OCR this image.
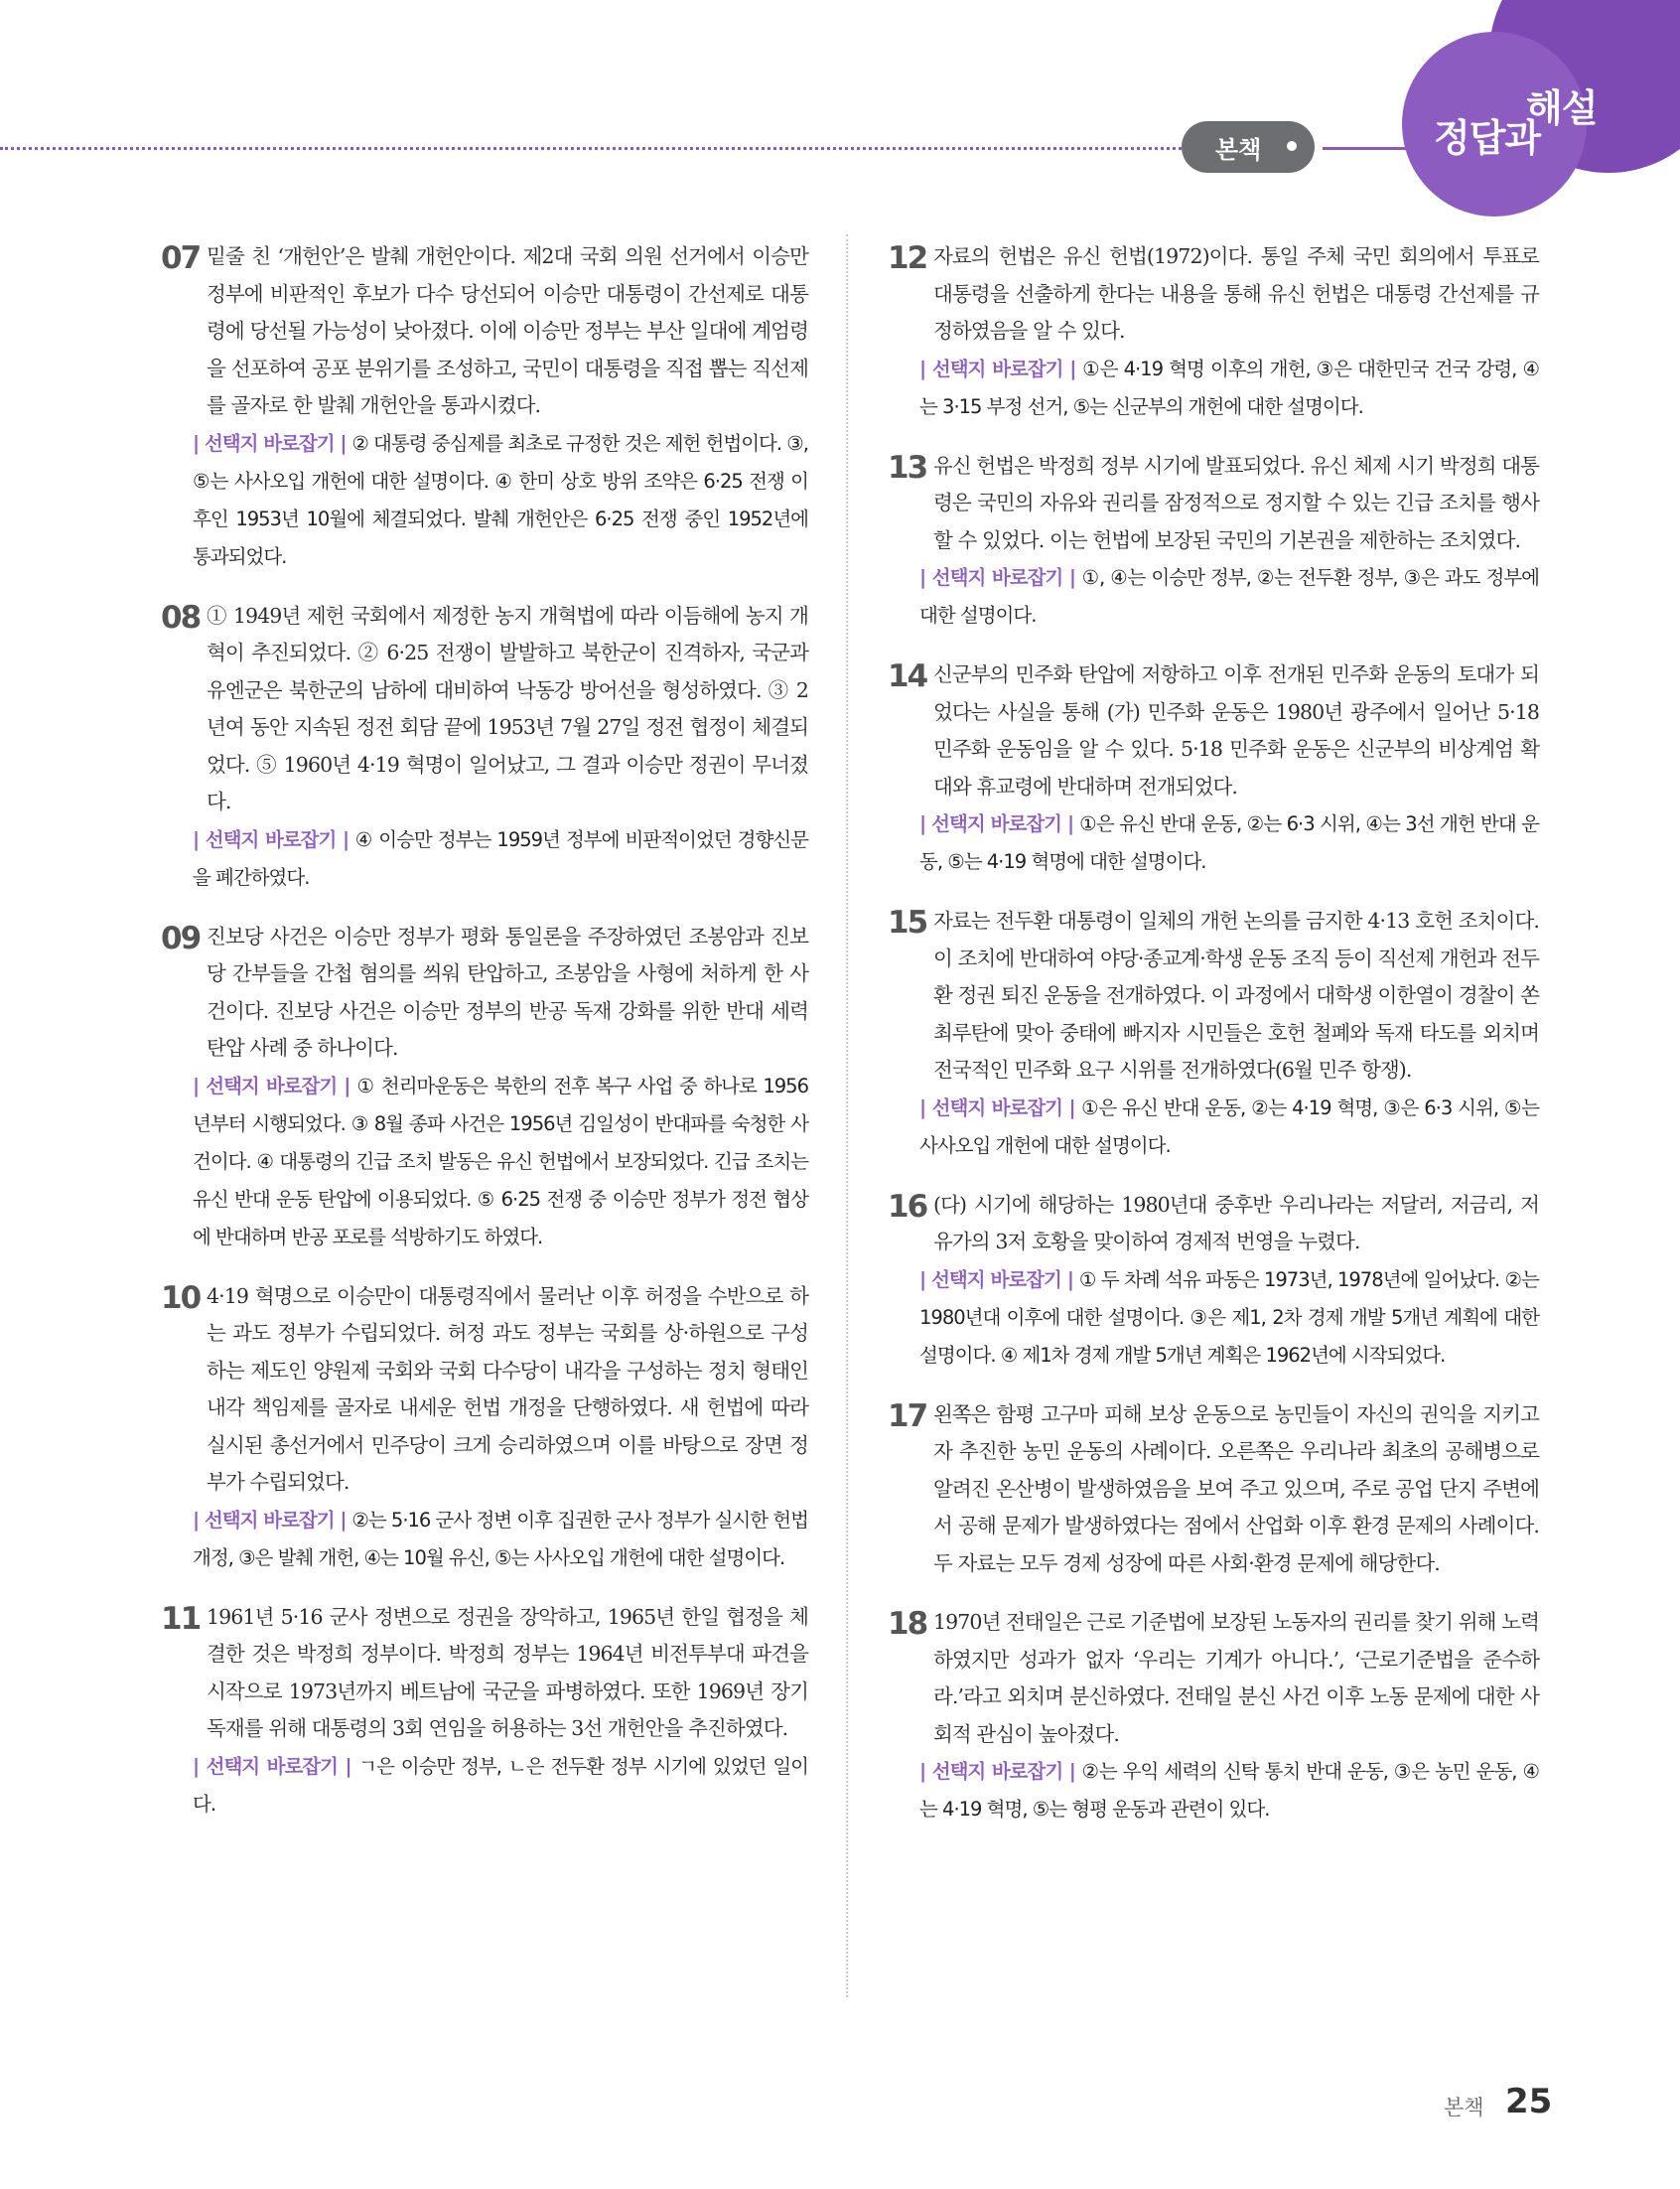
본책	정답과
해설
07 밑줄 친 ‘개헌안’은 발췌 개헌안이다. 제2대 국회 의원 선거에서 이승만 정부에 비판적인 후보가 다수 당선되어 이승만 대통령이 간선제로 대통령에 당선될 가능성이 낮아졌다. 이에 이승만 정부는 부산 일대에 계엄령을 선포하여 공포 분위기를 조성하고, 국민이 대통령을 직접 뽑는 직선제를 골자로 한 발췌 개헌안을 통과시켰다.
| 선택지 바로잡기 | ② 대통령 중심제를 최초로 규정한 것은 제헌 헌법이다. ③, ⑤는 사사오입 개헌에 대한 설명이다. ④ 한미 상호 방위 조약은 6·25 전쟁 이후인 1953년 10월에 체결되었다. 발췌 개헌안은 6·25 전쟁 중인 1952년에 통과되었다.
08 ① 1949년 제헌 국회에서 제정한 농지 개혁법에 따라 이듬해에 농지 개혁이 추진되었다. ② 6·25 전쟁이 발발하고 북한군이 진격하자, 국군과 유엔군은 북한군의 남하에 대비하여 낙동강 방어선을 형성하였다. ③ 2년여 동안 지속된 정전 회담 끝에 1953년 7월 27일 정전 협정이 체결되었다. ⑤ 1960년 4·19 혁명이 일어났고, 그 결과 이승만 정권이 무너졌다.
| 선택지 바로잡기 | ④ 이승만 정부는 1959년 정부에 비판적이었던 경향신문을 폐간하였다.
09 진보당 사건은 이승만 정부가 평화 통일론을 주장하였던 조봉암과 진보당 간부들을 간첩 혐의를 씌워 탄압하고, 조봉암을 사형에 처하게 한 사건이다. 진보당 사건은 이승만 정부의 반공 독재 강화를 위한 반대 세력 탄압 사례 중 하나이다.
| 선택지 바로잡기 | ① 천리마운동은 북한의 전후 복구 사업 중 하나로 1956년부터 시행되었다. ③ 8월 종파 사건은 1956년 김일성이 반대파를 숙청한 사건이다. ④ 대통령의 긴급 조치 발동은 유신 헌법에서 보장되었다. 긴급 조치는 유신 반대 운동 탄압에 이용되었다. ⑤ 6·25 전쟁 중 이승만 정부가 정전 협상에 반대하며 반공 포로를 석방하기도 하였다.
10 4·19 혁명으로 이승만이 대통령직에서 물러난 이후 허정을 수반으로 하는 과도 정부가 수립되었다. 허정 과도 정부는 국회를 상·하원으로 구성하는 제도인 양원제 국회와 국회 다수당이 내각을 구성하는 정치 형태인 내각 책임제를 골자로 내세운 헌법 개정을 단행하였다. 새 헌법에 따라 실시된 총선거에서 민주당이 크게 승리하였으며 이를 바탕으로 장면 정부가 수립되었다.
| 선택지 바로잡기 | ②는 5·16 군사 정변 이후 집권한 군사 정부가 실시한 헌법 개정, ③은 발췌 개헌, ④는 10월 유신, ⑤는 사사오입 개헌에 대한 설명이다.
11 1961년 5·16 군사 정변으로 정권을 장악하고, 1965년 한일 협정을 체결한 것은 박정희 정부이다. 박정희 정부는 1964년 비전투부대 파견을 시작으로 1973년까지 베트남에 국군을 파병하였다. 또한 1969년 장기 독재를 위해 대통령의 3회 연임을 허용하는 3선 개헌안을 추진하였다.
| 선택지 바로잡기 | ㄱ은 이승만 정부, ㄴ은 전두환 정부 시기에 있었던 일이다.
12 자료의 헌법은 유신 헌법(1972)이다. 통일 주체 국민 회의에서 투표로 대통령을 선출하게 한다는 내용을 통해 유신 헌법은 대통령 간선제를 규정하였음을 알 수 있다.
| 선택지 바로잡기 | ①은 4·19 혁명 이후의 개헌, ③은 대한민국 건국 강령, ④는 3·15 부정 선거, ⑤는 신군부의 개헌에 대한 설명이다.
13 유신 헌법은 박정희 정부 시기에 발표되었다. 유신 체제 시기 박정희 대통령은 국민의 자유와 권리를 잠정적으로 정지할 수 있는 긴급 조치를 행사할 수 있었다. 이는 헌법에 보장된 국민의 기본권을 제한하는 조치였다.
| 선택지 바로잡기 | ①, ④는 이승만 정부, ②는 전두환 정부, ③은 과도 정부에 대한 설명이다.
14 신군부의 민주화 탄압에 저항하고 이후 전개된 민주화 운동의 토대가 되었다는 사실을 통해 (가) 민주화 운동은 1980년 광주에서 일어난 5·18 민주화 운동임을 알 수 있다. 5·18 민주화 운동은 신군부의 비상계엄 확대와 휴교령에 반대하며 전개되었다.
| 선택지 바로잡기 | ①은 유신 반대 운동, ②는 6·3 시위, ④는 3선 개헌 반대 운동, ⑤는 4·19 혁명에 대한 설명이다.
15 자료는 전두환 대통령이 일체의 개헌 논의를 금지한 4·13 호헌 조치이다. 이 조치에 반대하여 야당·종교계·학생 운동 조직 등이 직선제 개헌과 전두환 정권 퇴진 운동을 전개하였다. 이 과정에서 대학생 이한열이 경찰이 쏜 최루탄에 맞아 중태에 빠지자 시민들은 호헌 철폐와 독재 타도를 외치며 전국적인 민주화 요구 시위를 전개하였다(6월 민주 항쟁).
| 선택지 바로잡기 | ①은 유신 반대 운동, ②는 4·19 혁명, ③은 6·3 시위, ⑤는 사사오입 개헌에 대한 설명이다.
16 (다) 시기에 해당하는 1980년대 중후반 우리나라는 저달러, 저금리, 저유가의 3저 호황을 맞이하여 경제적 번영을 누렸다.
| 선택지 바로잡기 | ① 두 차례 석유 파동은 1973년, 1978년에 일어났다. ②는 1980년대 이후에 대한 설명이다. ③은 제1, 2차 경제 개발 5개년 계획에 대한 설명이다. ④ 제1차 경제 개발 5개년 계획은 1962년에 시작되었다.
17 왼쪽은 함평 고구마 피해 보상 운동으로 농민들이 자신의 권익을 지키고자 추진한 농민 운동의 사례이다. 오른쪽은 우리나라 최초의 공해병으로 알려진 온산병이 발생하였음을 보여 주고 있으며, 주로 공업 단지 주변에서 공해 문제가 발생하였다는 점에서 산업화 이후 환경 문제의 사례이다. 두 자료는 모두 경제 성장에 따른 사회·환경 문제에 해당한다.
18 1970년 전태일은 근로 기준법에 보장된 노동자의 권리를 찾기 위해 노력하였지만 성과가 없자 ‘우리는 기계가 아니다.’, ‘근로기준법을 준수하라.’라고 외치며 분신하였다. 전태일 분신 사건 이후 노동 문제에 대한 사회적 관심이 높아졌다.
| 선택지 바로잡기 | ②는 우익 세력의 신탁 통치 반대 운동, ③은 농민 운동, ④는 4·19 혁명, ⑤는 형평 운동과 관련이 있다.
본책 25
